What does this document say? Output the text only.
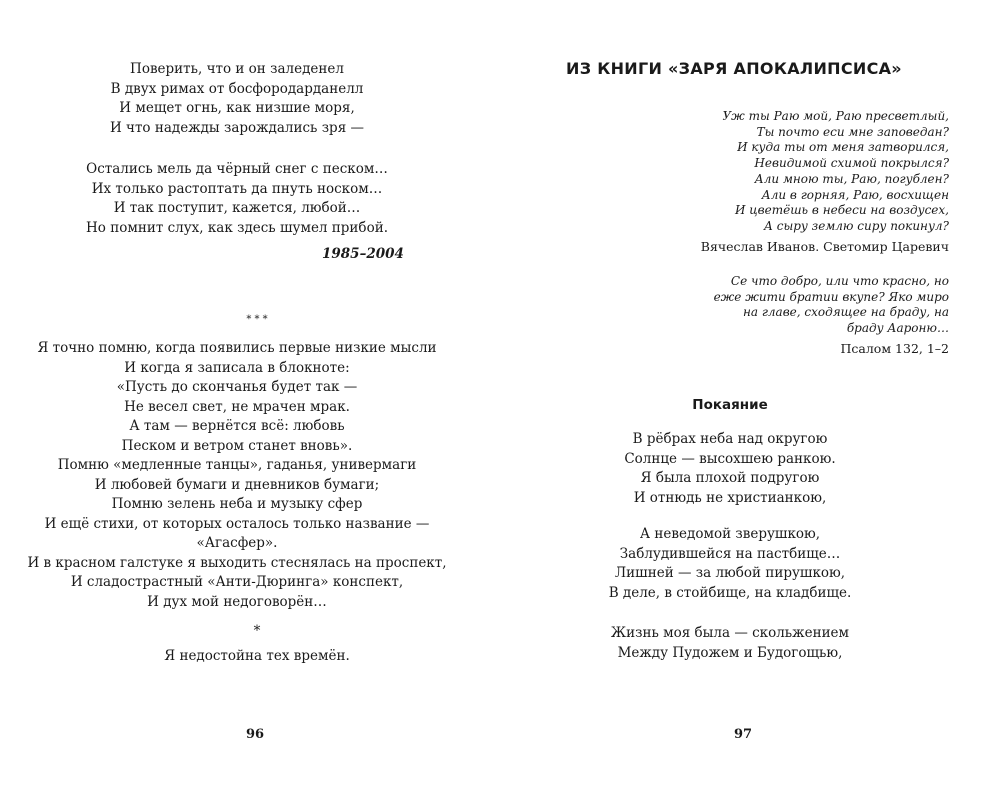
Поверить, что и он заледенел
В двух римах от босфородарданелл
И мещет огнь, как низшие моря,
И что надежды зарождались зря —
Остались мель да чёрный снег с песком…
Их только растоптать да пнуть носком…
И так поступит, кажется, любой…
Но помнит слух, как здесь шумел прибой.
1985–2004
* * *
Я точно помню, когда появились первые низкие мысли
И когда я записала в блокноте:
«Пусть до скончанья будет так —
Не весел свет, не мрачен мрак.
А там — вернётся всё: любовь
Песком и ветром станет вновь».
Помню «медленные танцы», гаданья, универмаги
И любовей бумаги и дневников бумаги;
Помню зелень неба и музыку сфер
И ещё стихи, от которых осталось только название —
«Агасфер».
И в красном галстуке я выходить стеснялась на проспект,
И сладострастный «Анти-Дюринга» конспект,
И дух мой недоговорён…
*
Я недостойна тех времён.
96
ИЗ КНИГИ «ЗАРЯ АПОКАЛИПСИСА»
Уж ты Раю мой, Раю пресветлый,
Ты почто еси мне заповедан?
И куда ты от меня затворился,
Невидимой схимой покрылся?
Али мною ты, Раю, погублен?
Али в горняя, Раю, восхищен
И цветёшь в небеси на воздусех,
А сыру землю сиру покинул?
Вячеслав Иванов. Светомир Царевич
Се что добро, или что красно, но
еже жити братии вкупе? Яко миро
на главе, сходящее на браду, на
браду Аароню…
Псалом 132, 1–2
Покаяние
В рёбрах неба над округою
Солнце — высохшею ранкою.
Я была плохой подругою
И отнюдь не христианкою,
А неведомой зверушкою,
Заблудившейся на пастбище…
Лишней — за любой пирушкою,
В деле, в стойбище, на кладбище.
Жизнь моя была — скольжением
Между Пудожем и Будогощью,
97
